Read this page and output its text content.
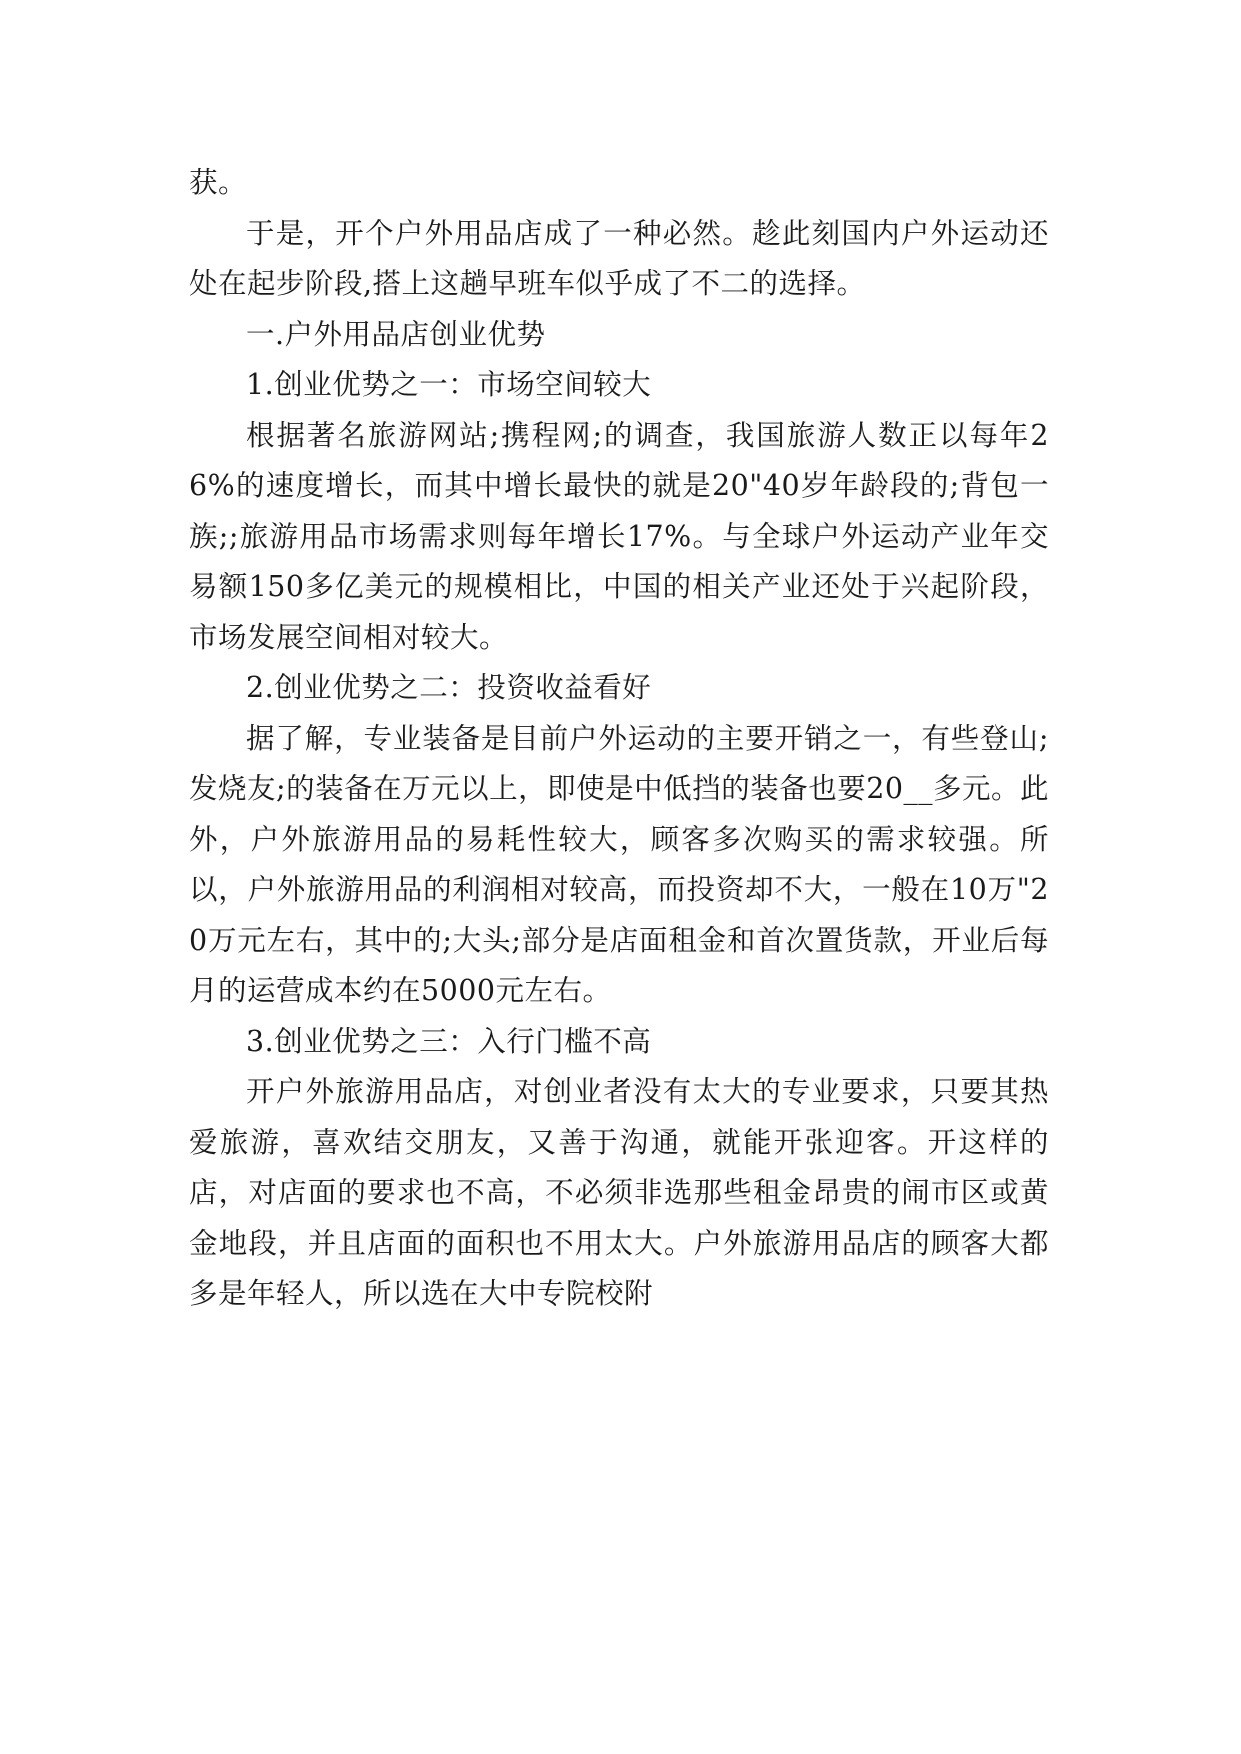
获。

于是，开个户外用品店成了一种必然。趁此刻国内户外运动还处在起步阶段,搭上这趟早班车似乎成了不二的选择。

一.户外用品店创业优势

1.创业优势之一：市场空间较大

根据著名旅游网站;携程网;的调查，我国旅游人数正以每年26%的速度增长，而其中增长最快的就是20"40岁年龄段的;背包一族;;旅游用品市场需求则每年增长17%。与全球户外运动产业年交易额150多亿美元的规模相比，中国的相关产业还处于兴起阶段，市场发展空间相对较大。

2.创业优势之二：投资收益看好

据了解，专业装备是目前户外运动的主要开销之一，有些登山;发烧友;的装备在万元以上，即使是中低挡的装备也要20__多元。此外，户外旅游用品的易耗性较大，顾客多次购买的需求较强。所以，户外旅游用品的利润相对较高，而投资却不大，一般在10万"20万元左右，其中的;大头;部分是店面租金和首次置货款，开业后每月的运营成本约在5000元左右。

3.创业优势之三：入行门槛不高

开户外旅游用品店，对创业者没有太大的专业要求，只要其热爱旅游，喜欢结交朋友，又善于沟通，就能开张迎客。开这样的店，对店面的要求也不高，不必须非选那些租金昂贵的闹市区或黄金地段，并且店面的面积也不用太大。户外旅游用品店的顾客大都多是年轻人，所以选在大中专院校附
